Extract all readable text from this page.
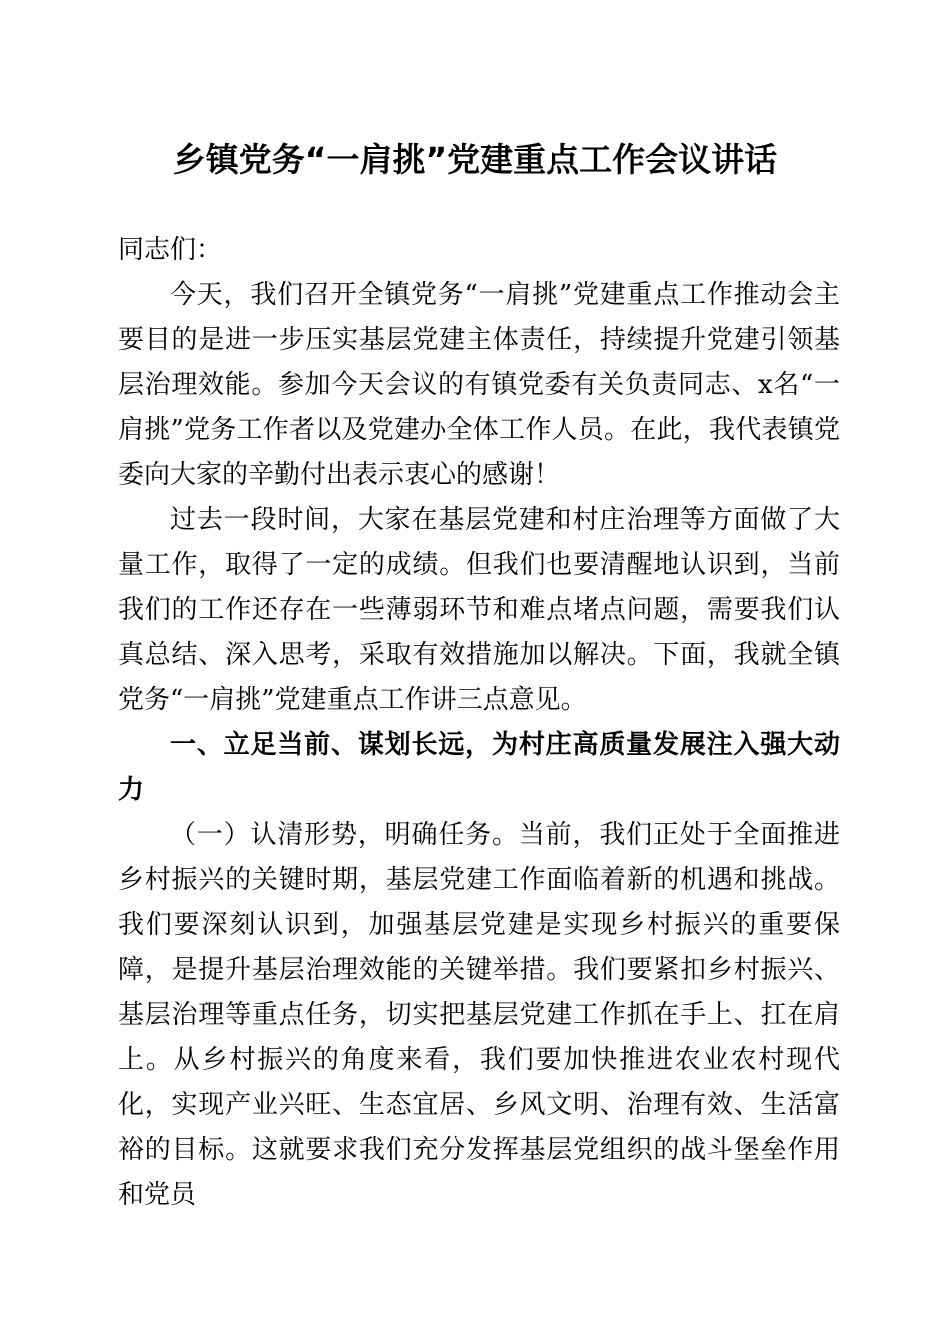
乡镇党务“一肩挑”党建重点工作会议讲话

同志们：

今天，我们召开全镇党务“一肩挑”党建重点工作推动会主要目的是进一步压实基层党建主体责任，持续提升党建引领基层治理效能。参加今天会议的有镇党委有关负责同志、x名“一肩挑”党务工作者以及党建办全体工作人员。在此，我代表镇党委向大家的辛勤付出表示衷心的感谢！

过去一段时间，大家在基层党建和村庄治理等方面做了大量工作，取得了一定的成绩。但我们也要清醒地认识到，当前我们的工作还存在一些薄弱环节和难点堵点问题，需要我们认真总结、深入思考，采取有效措施加以解决。下面，我就全镇党务“一肩挑”党建重点工作讲三点意见。

一、立足当前、谋划长远，为村庄高质量发展注入强大动力

（一）认清形势，明确任务。当前，我们正处于全面推进乡村振兴的关键时期，基层党建工作面临着新的机遇和挑战。我们要深刻认识到，加强基层党建是实现乡村振兴的重要保障，是提升基层治理效能的关键举措。我们要紧扣乡村振兴、基层治理等重点任务，切实把基层党建工作抓在手上、扛在肩上。从乡村振兴的角度来看，我们要加快推进农业农村现代化，实现产业兴旺、生态宜居、乡风文明、治理有效、生活富裕的目标。这就要求我们充分发挥基层党组织的战斗堡垒作用和党员
